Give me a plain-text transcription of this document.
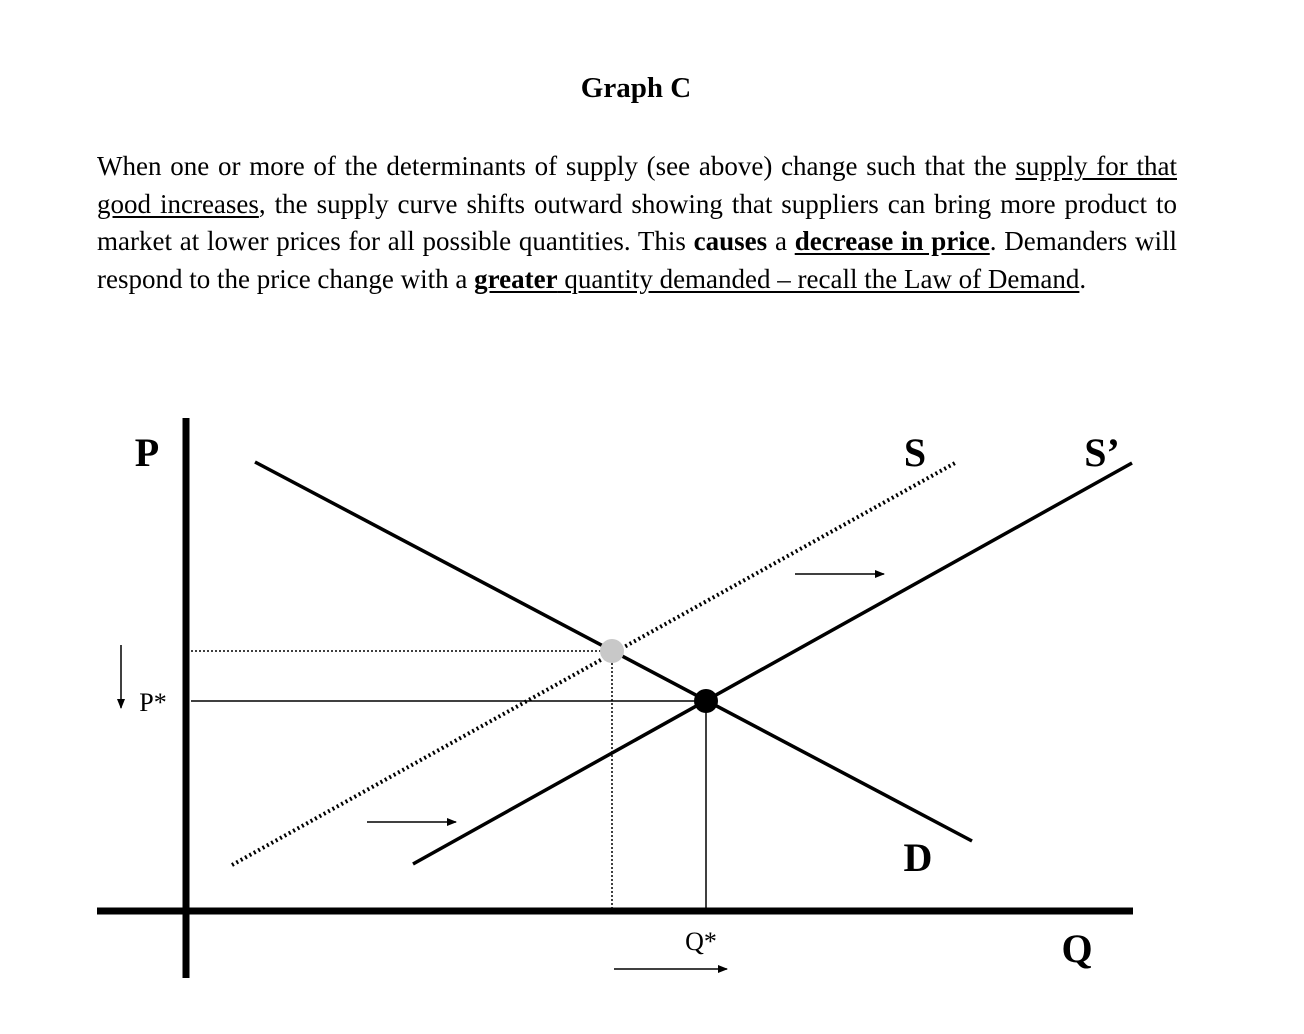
Graph C
When one or more of the determinants of supply (see above) change such that the supply for that good increases, the supply curve shifts outward showing that suppliers can bring more product to market at lower prices for all possible quantities. This causes a decrease in price. Demanders will respond to the price change with a greater quantity demanded – recall the Law of Demand.
P
Q
P*
Q*
S	S’
D
